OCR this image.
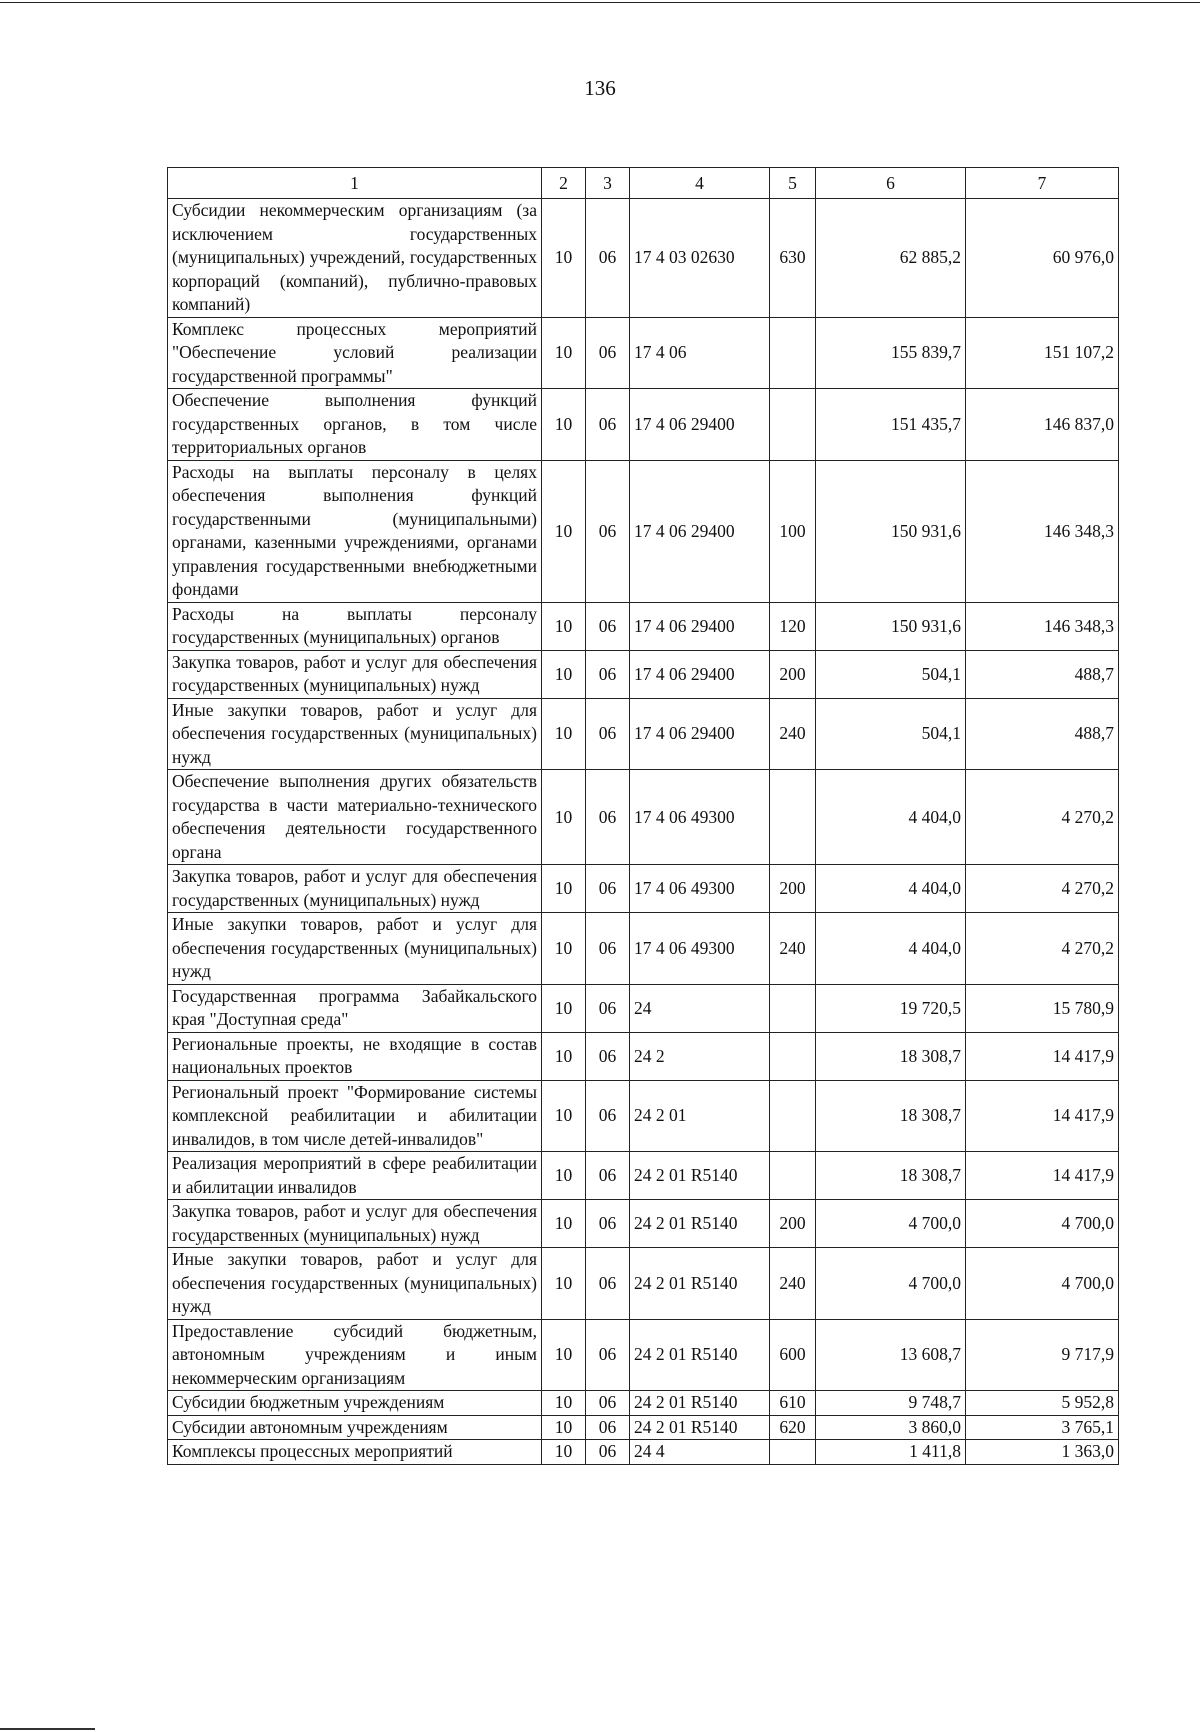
136
1	2	3	4	5	6	7
Субсидии некоммерческим организациям (за исключением государственных (муниципальных) учреждений, государственных корпораций (компаний), публично-правовых компаний)	10	06	17 4 03 02630	630	62 885,2	60 976,0
Комплекс процессных мероприятий "Обеспечение условий реализации государственной программы"	10	06	17 4 06		155 839,7	151 107,2
Обеспечение выполнения функций государственных органов, в том числе территориальных органов	10	06	17 4 06 29400		151 435,7	146 837,0
Расходы на выплаты персоналу в целях обеспечения выполнения функций государственными (муниципальными) органами, казенными учреждениями, органами управления государственными внебюджетными фондами	10	06	17 4 06 29400	100	150 931,6	146 348,3
Расходы на выплаты персоналу государственных (муниципальных) органов	10	06	17 4 06 29400	120	150 931,6	146 348,3
Закупка товаров, работ и услуг для обеспечения государственных (муниципальных) нужд	10	06	17 4 06 29400	200	504,1	488,7
Иные закупки товаров, работ и услуг для обеспечения государственных (муниципальных) нужд	10	06	17 4 06 29400	240	504,1	488,7
Обеспечение выполнения других обязательств государства в части материально-технического обеспечения деятельности государственного органа	10	06	17 4 06 49300		4 404,0	4 270,2
Закупка товаров, работ и услуг для обеспечения государственных (муниципальных) нужд	10	06	17 4 06 49300	200	4 404,0	4 270,2
Иные закупки товаров, работ и услуг для обеспечения государственных (муниципальных) нужд	10	06	17 4 06 49300	240	4 404,0	4 270,2
Государственная программа Забайкальского края "Доступная среда"	10	06	24		19 720,5	15 780,9
Региональные проекты, не входящие в состав национальных проектов	10	06	24 2		18 308,7	14 417,9
Региональный проект "Формирование системы комплексной реабилитации и абилитации инвалидов, в том числе детей-инвалидов"	10	06	24 2 01		18 308,7	14 417,9
Реализация мероприятий в сфере реабилитации и абилитации инвалидов	10	06	24 2 01 R5140		18 308,7	14 417,9
Закупка товаров, работ и услуг для обеспечения государственных (муниципальных) нужд	10	06	24 2 01 R5140	200	4 700,0	4 700,0
Иные закупки товаров, работ и услуг для обеспечения государственных (муниципальных) нужд	10	06	24 2 01 R5140	240	4 700,0	4 700,0
Предоставление субсидий бюджетным, автономным учреждениям и иным некоммерческим организациям	10	06	24 2 01 R5140	600	13 608,7	9 717,9
Субсидии бюджетным учреждениям	10	06	24 2 01 R5140	610	9 748,7	5 952,8
Субсидии автономным учреждениям	10	06	24 2 01 R5140	620	3 860,0	3 765,1
Комплексы процессных мероприятий	10	06	24 4		1 411,8	1 363,0
